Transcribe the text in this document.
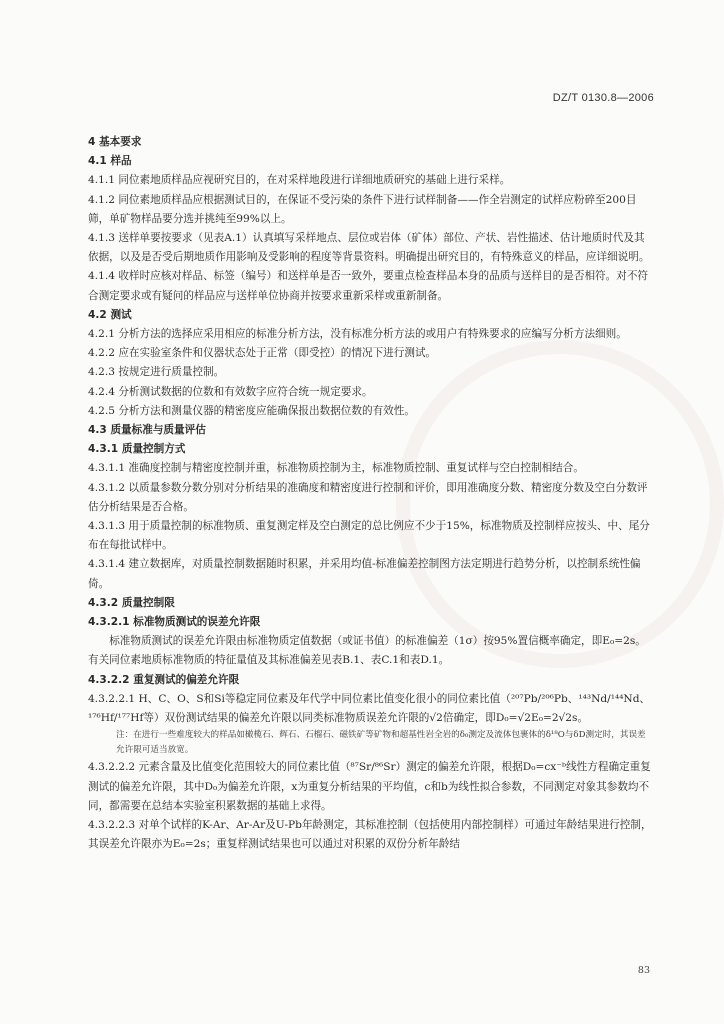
DZ/T 0130.8—2006
4 基本要求
4.1 样品
4.1.1 同位素地质样品应视研究目的，在对采样地段进行详细地质研究的基础上进行采样。
4.1.2 同位素地质样品应根据测试目的，在保证不受污染的条件下进行试样制备——作全岩测定的试样应粉碎至200目筛，单矿物样品要分选并挑纯至99%以上。
4.1.3 送样单要按要求（见表A.1）认真填写采样地点、层位或岩体（矿体）部位、产状、岩性描述、估计地质时代及其依据，以及是否受后期地质作用影响及受影响的程度等背景资料。明确提出研究目的，有特殊意义的样品，应详细说明。
4.1.4 收样时应核对样品、标签（编号）和送样单是否一致外，要重点检查样品本身的品质与送样目的是否相符。对不符合测定要求或有疑问的样品应与送样单位协商并按要求重新采样或重新制备。
4.2 测试
4.2.1 分析方法的选择应采用相应的标准分析方法，没有标准分析方法的或用户有特殊要求的应编写分析方法细则。
4.2.2 应在实验室条件和仪器状态处于正常（即受控）的情况下进行测试。
4.2.3 按规定进行质量控制。
4.2.4 分析测试数据的位数和有效数字应符合统一规定要求。
4.2.5 分析方法和测量仪器的精密度应能确保报出数据位数的有效性。
4.3 质量标准与质量评估
4.3.1 质量控制方式
4.3.1.1 准确度控制与精密度控制并重，标准物质控制为主，标准物质控制、重复试样与空白控制相结合。
4.3.1.2 以质量参数分数分别对分析结果的准确度和精密度进行控制和评价，即用准确度分数、精密度分数及空白分数评估分析结果是否合格。
4.3.1.3 用于质量控制的标准物质、重复测定样及空白测定的总比例应不少于15%，标准物质及控制样应按头、中、尾分布在每批试样中。
4.3.1.4 建立数据库，对质量控制数据随时积累，并采用均值-标准偏差控制图方法定期进行趋势分析，以控制系统性偏倚。
4.3.2 质量控制限
4.3.2.1 标准物质测试的误差允许限
标准物质测试的误差允许限由标准物质定值数据（或证书值）的标准偏差（1σ）按95%置信概率确定，即E₀=2s。有关同位素地质标准物质的特征量值及其标准偏差见表B.1、表C.1和表D.1。
4.3.2.2 重复测试的偏差允许限
4.3.2.2.1 H、C、O、S和Si等稳定同位素及年代学中同位素比值变化很小的同位素比值（²⁰⁷Pb/²⁰⁶Pb、¹⁴³Nd/¹⁴⁴Nd、¹⁷⁶Hf/¹⁷⁷Hf等）双份测试结果的偏差允许限以同类标准物质误差允许限的√2倍确定，即D₀=√2E₀=2√2s。
注：在进行一些难度较大的样品如橄榄石、辉石、石榴石、磁铁矿等矿物和超基性岩全岩的δ₀测定及流体包裹体的δ¹⁸O与δD测定时，其误差允许限可适当放宽。
4.3.2.2.2 元素含量及比值变化范围较大的同位素比值（⁸⁷Sr/⁸⁶Sr）测定的偏差允许限，根据D₀=cx⁻ᵇ线性方程确定重复测试的偏差允许限，其中D₀为偏差允许限，x为重复分析结果的平均值，c和b为线性拟合参数，不同测定对象其参数均不同，都需要在总结本实验室积累数据的基础上求得。
4.3.2.2.3 对单个试样的K-Ar、Ar-Ar及U-Pb年龄测定，其标准控制（包括使用内部控制样）可通过年龄结果进行控制，其误差允许限亦为E₀=2s；重复样测试结果也可以通过对积累的双份分析年龄结
83
